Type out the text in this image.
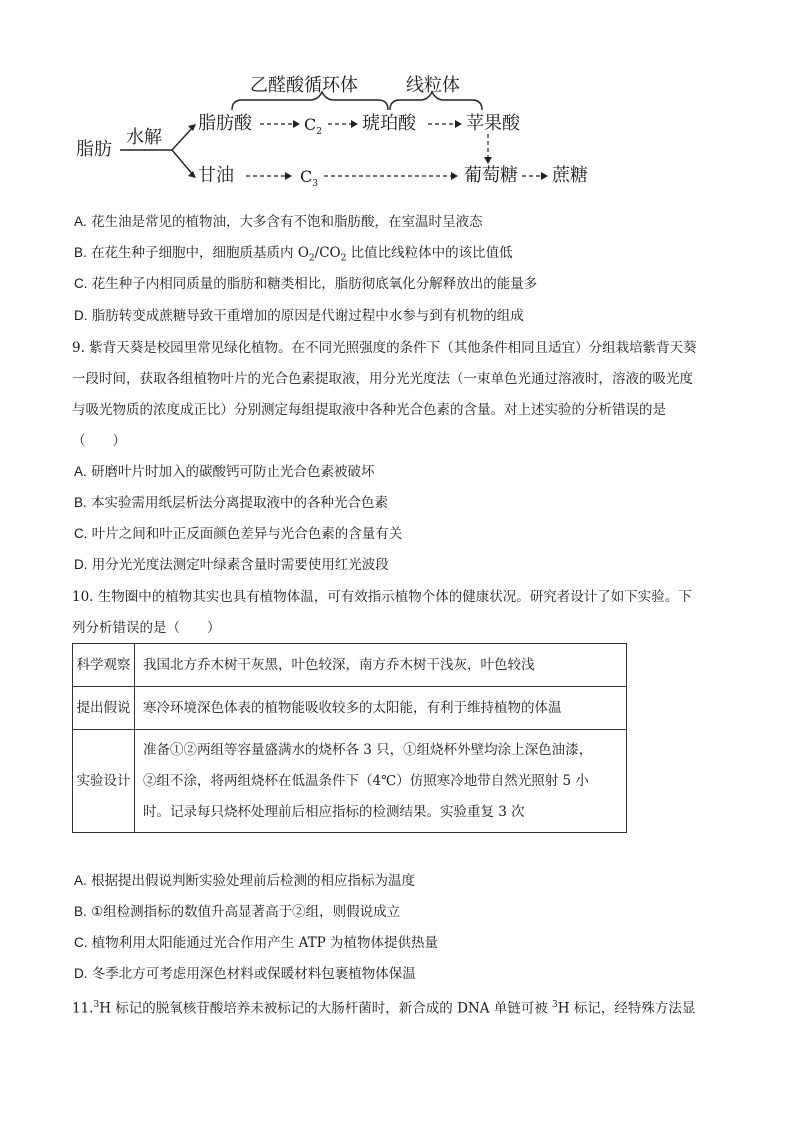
乙醛酸循环体	线粒体
脂肪
水解
脂肪酸	$C_2$ 琥珀酸	苹果酸
甘油	$C_3$	葡萄糖 蔗糖
A. 花生油是常见的植物油，大多含有不饱和脂肪酸，在室温时呈液态
B. 在花生种子细胞中，细胞质基质内 $O_2/CO_2$ 比值比线粒体中的该比值低
C. 花生种子内相同质量的脂肪和糖类相比，脂肪彻底氧化分解释放出的能量多
D. 脂肪转变成蔗糖导致干重增加的原因是代谢过程中水参与到有机物的组成
9. 紫背天葵是校园里常见绿化植物。在不同光照强度的条件下（其他条件相同且适宜）分组栽培紫背天葵
一段时间，获取各组植物叶片的光合色素提取液，用分光光度法（一束单色光通过溶液时，溶液的吸光度
与吸光物质的浓度成正比）分别测定每组提取液中各种光合色素的含量。对上述实验的分析错误的是
（　　）
A. 研磨叶片时加入的碳酸钙可防止光合色素被破坏
B. 本实验需用纸层析法分离提取液中的各种光合色素
C. 叶片之间和叶正反面颜色差异与光合色素的含量有关
D. 用分光光度法测定叶绿素含量时需要使用红光波段
10. 生物圈中的植物其实也具有植物体温，可有效指示植物个体的健康状况。研究者设计了如下实验。下
列分析错误的是（　　）
科学观察	我国北方乔木树干灰黑，叶色较深，南方乔木树干浅灰，叶色较浅
提出假说	寒冷环境深色体表的植物能吸收较多的太阳能，有利于维持植物的体温
实验设计	准备①②两组等容量盛满水的烧杯各 3 只，①组烧杯外壁均涂上深色油漆，
②组不涂，将两组烧杯在低温条件下（4℃）仿照寒冷地带自然光照射 5 小
时。记录每只烧杯处理前后相应指标的检测结果。实验重复 3 次
A. 根据提出假说判断实验处理前后检测的相应指标为温度
B. ①组检测指标的数值升高显著高于②组，则假说成立
C. 植物利用太阳能通过光合作用产生 ATP 为植物体提供热量
D. 冬季北方可考虑用深色材料或保暖材料包裹植物体保温
11.$^3$H 标记的脱氧核苷酸培养未被标记的大肠杆菌时，新合成的 DNA 单链可被 $^3$H 标记，经特殊方法显
